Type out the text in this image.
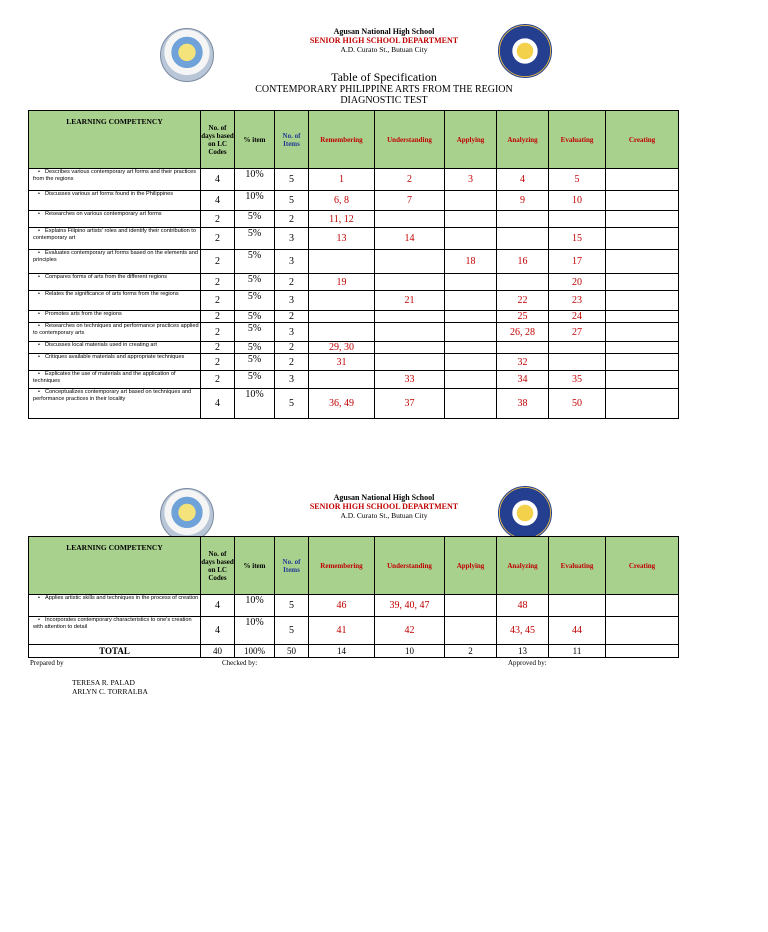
Agusan National High School
SENIOR HIGH SCHOOL DEPARTMENT
A.D. Curato St., Butuan City
Table of Specification
CONTEMPORARY PHILIPPINE ARTS FROM THE REGION
DIAGNOSTIC TEST
LEARNING COMPETENCY	No. of days based on LC Codes	% item	No. of Items	Remembering	Understanding	Applying	Analyzing	Evaluating	Creating
• Describes various contemporary art forms and their practices from the regions	4	10%	5	1	2	3	4	5	
• Discusses various art forms found in the Philippines	4	10%	5	6, 8	7		9	10	
• Researches on various contemporary art forms	2	5%	2	11, 12					
• Explains Filipino artists' roles and identify their contribution to contemporary art	2	5%	3	13	14			15	
• Evaluates contemporary art forms based on the elements and principles	2	5%	3			18	16	17	
• Compares forms of arts from the different regions	2	5%	2	19				20	
• Relates the significance of arts forms from the regions	2	5%	3		21		22	23	
• Promotes arts from the regions	2	5%	2				25	24	
• Researches on techniques and performance practices applied to contemporary arts	2	5%	3				26, 28	27	
• Discusses local materials used in creating art	2	5%	2	29, 30					
• Critiques available materials and appropriate techniques	2	5%	2	31			32		
• Explicates the use of materials and the application of techniques	2	5%	3		33		34	35	
• Conceptualizes contemporary art based on techniques and performance practices in their locality	4	10%	5	36, 49	37		38	50	
Agusan National High School
SENIOR HIGH SCHOOL DEPARTMENT
A.D. Curato St., Butuan City
LEARNING COMPETENCY	No. of days based on LC Codes	% item	No. of Items	Remembering	Understanding	Applying	Analyzing	Evaluating	Creating
• Applies artistic skills and techniques in the process of creation	4	10%	5	46	39, 40, 47		48		
• Incorporates contemporary characteristics to one's creation with attention to detail	4	10%	5	41	42		43, 45	44	
TOTAL	40	100%	50	14	10	2	13	11	
Prepared by	Checked by:	Approved by:
TERESA R. PALAD
ARLYN C. TORRALBA
